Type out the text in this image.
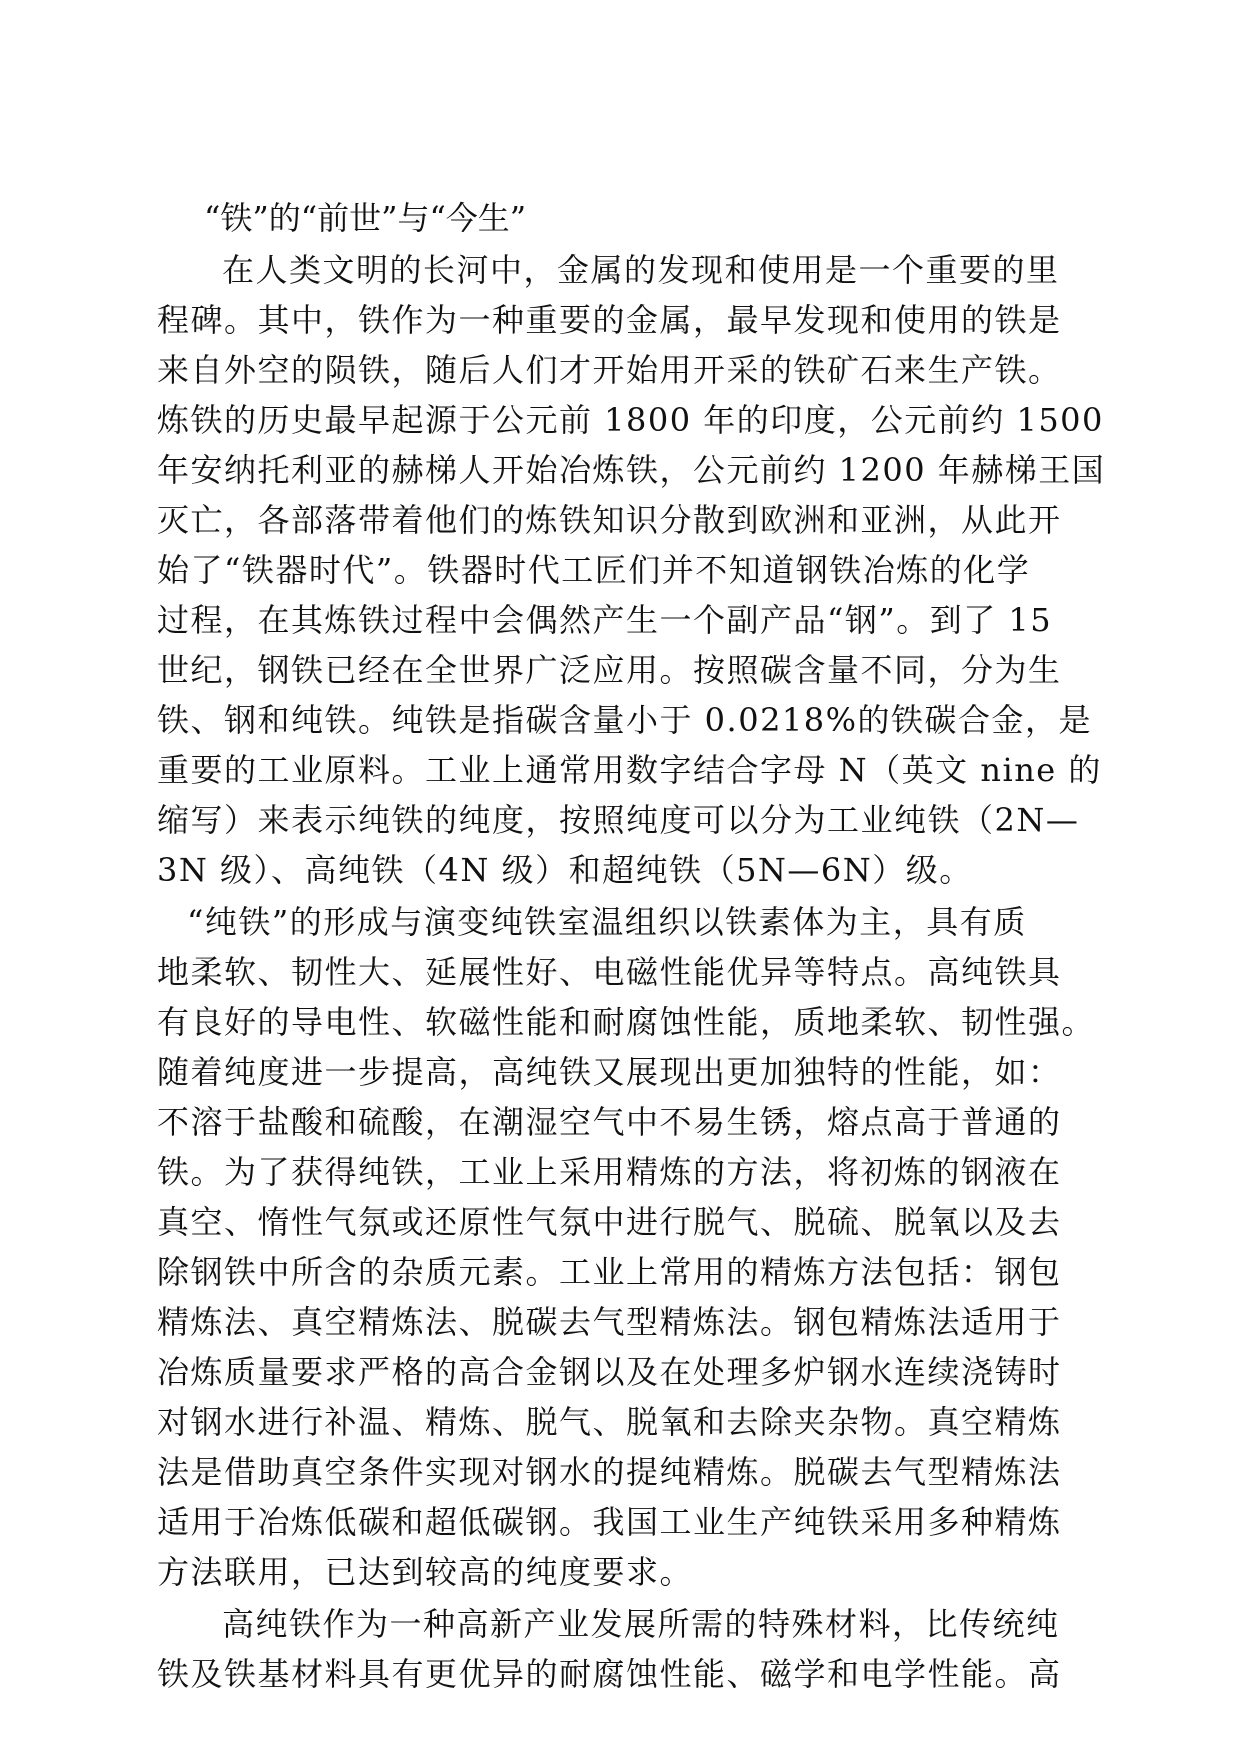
“铁”的“前世”与“今生”

在人类文明的长河中，金属的发现和使用是一个重要的里

程碑。其中，铁作为一种重要的金属，最早发现和使用的铁是

来自外空的陨铁，随后人们才开始用开采的铁矿石来生产铁。

炼铁的历史最早起源于公元前 1800 年的印度，公元前约 1500

年安纳托利亚的赫梯人开始冶炼铁，公元前约 1200 年赫梯王国

灭亡，各部落带着他们的炼铁知识分散到欧洲和亚洲，从此开

始了“铁器时代”。铁器时代工匠们并不知道钢铁冶炼的化学

过程，在其炼铁过程中会偶然产生一个副产品“钢”。到了 15

世纪，钢铁已经在全世界广泛应用。按照碳含量不同，分为生

铁、钢和纯铁。纯铁是指碳含量小于 0.0218%的铁碳合金，是

重要的工业原料。工业上通常用数字结合字母 N（英文 nine 的

缩写）来表示纯铁的纯度，按照纯度可以分为工业纯铁（2N—

3N 级）、高纯铁（4N 级）和超纯铁（5N—6N）级。

“纯铁”的形成与演变纯铁室温组织以铁素体为主，具有质

地柔软、韧性大、延展性好、电磁性能优异等特点。高纯铁具

有良好的导电性、软磁性能和耐腐蚀性能，质地柔软、韧性强。

随着纯度进一步提高，高纯铁又展现出更加独特的性能，如：

不溶于盐酸和硫酸，在潮湿空气中不易生锈，熔点高于普通的

铁。为了获得纯铁，工业上采用精炼的方法，将初炼的钢液在

真空、惰性气氛或还原性气氛中进行脱气、脱硫、脱氧以及去

除钢铁中所含的杂质元素。工业上常用的精炼方法包括：钢包

精炼法、真空精炼法、脱碳去气型精炼法。钢包精炼法适用于

冶炼质量要求严格的高合金钢以及在处理多炉钢水连续浇铸时

对钢水进行补温、精炼、脱气、脱氧和去除夹杂物。真空精炼

法是借助真空条件实现对钢水的提纯精炼。脱碳去气型精炼法

适用于冶炼低碳和超低碳钢。我国工业生产纯铁采用多种精炼

方法联用，已达到较高的纯度要求。

高纯铁作为一种高新产业发展所需的特殊材料，比传统纯

铁及铁基材料具有更优异的耐腐蚀性能、磁学和电学性能。高
